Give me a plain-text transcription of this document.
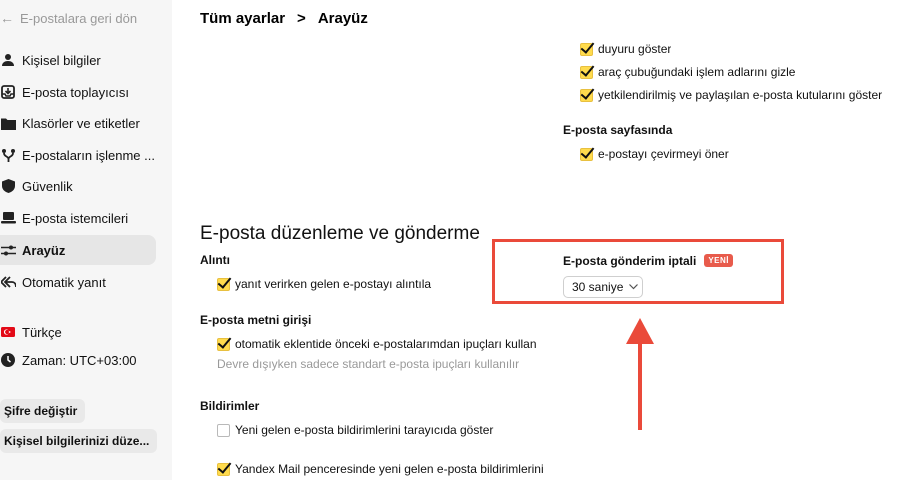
← E-postalara geri dön
Kişisel bilgiler
E-posta toplayıcısı
Klasörler ve etiketler
E-postaların işlenme ...
Güvenlik
E-posta istemcileri
Arayüz
Otomatik yanıt
Türkçe
Zaman: UTC+03:00
Şifre değiştir
Kişisel bilgilerinizi düze...
Tüm ayarlar > Arayüz
duyuru göster
araç çubuğundaki işlem adlarını gizle
yetkilendirilmiş ve paylaşılan e-posta kutularını göster
E-posta sayfasında
e-postayı çevirmeyi öner
E-posta düzenleme ve gönderme
Alıntı
yanıt verirken gelen e-postayı alıntıla
E-posta metni girişi
otomatik eklentide önceki e-postalarımdan ipuçları kullan
Devre dışıyken sadece standart e-posta ipuçları kullanılır
Bildirimler
Yeni gelen e-posta bildirimlerini tarayıcıda göster
Yandex Mail penceresinde yeni gelen e-posta bildirimlerini
E-posta gönderim iptali YENİ
30 saniye
